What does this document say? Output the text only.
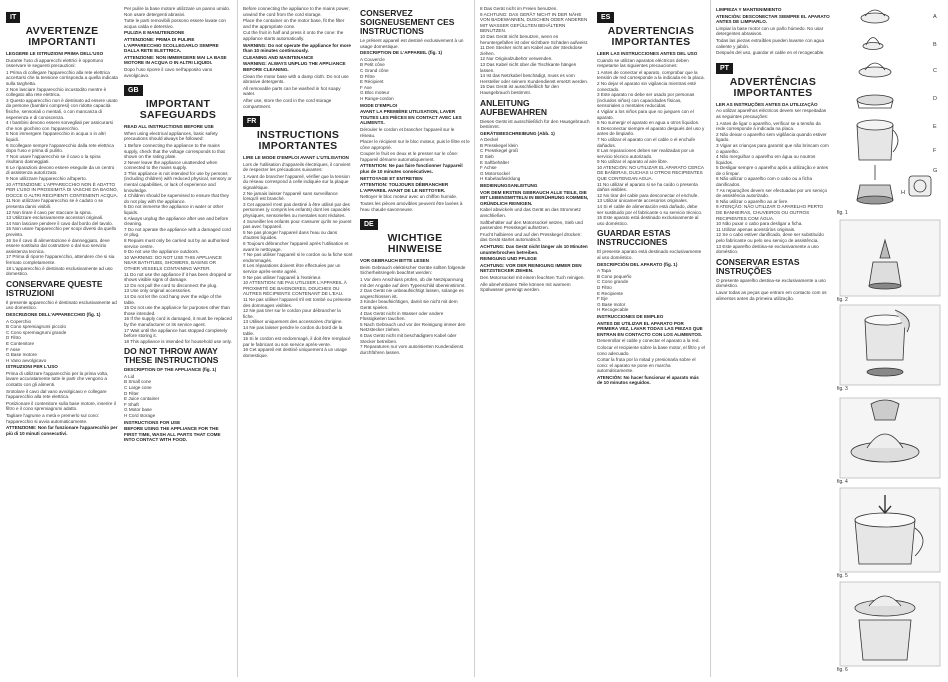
IT
AVVERTENZE IMPORTANTI

LEGGERE LE ISTRUZIONI PRIMA DELL'USO

Durante l'uso di apparecchi elettrici è opportuno osservare le seguenti precauzioni:

1 Prima di collegare l'apparecchio alla rete elettrica accertarsi che la tensione corrisponda a quella indicata sulla targhetta.

2 Non lasciare l'apparecchio incustodito mentre è collegato alla rete elettrica.

3 Questo apparecchio non è destinato ad essere usato da persone (bambini compresi) con ridotte capacità fisiche, sensoriali o mentali, o con mancanza di esperienza e di conoscenza.

4 I bambini devono essere sorvegliati per assicurarsi che non giochino con l'apparecchio.

5 Non immergere l'apparecchio in acqua o in altri liquidi.

6 Scollegare sempre l'apparecchio dalla rete elettrica dopo l'uso e prima di pulirlo.

7 Non usare l'apparecchio se il cavo o la spina risultano danneggiati.

8 Le riparazioni devono essere eseguite da un centro di assistenza autorizzato.

9 Non utilizzare l'apparecchio all'aperto.

10 ATTENZIONE: L'APPARECCHIO NON È ADATTO PER L'USO IN PROSSIMITÀ DI VASCHE DA BAGNO, DOCCE O ALTRI RECIPIENTI CONTENENTI ACQUA.

11 Non utilizzare l'apparecchio se è caduto o se presenta danni visibili.

12 Non tirare il cavo per staccare la spina.

13 Utilizzare esclusivamente accessori originali.

14 Non lasciare pendere il cavo dal bordo del tavolo.

15 Non usare l'apparecchio per scopi diversi da quello previsto.

16 Se il cavo di alimentazione è danneggiato, deve essere sostituito dal costruttore o dal suo servizio assistenza tecnica.

17 Prima di riporre l'apparecchio, attendere che si sia fermato completamente.

18 L'apparecchio è destinato esclusivamente ad uso domestico.

CONSERVARE QUESTE ISTRUZIONI

Il presente apparecchio è destinato esclusivamente ad uso domestico.

DESCRIZIONE DELL'APPARECCHIO (fig. 1)

A Coperchio

B Cono spremiagrumi piccolo

C Cono spremiagrumi grande

D Filtro

E Contenitore

F Asse

G Base motore

H Vano avvolgicavo

ISTRUZIONI PER L'USO

Prima di utilizzare l'apparecchio per la prima volta, lavare accuratamente tutte le parti che vengono a contatto con gli alimenti.

Srotolare il cavo dal vano avvolgicavo e collegare l'apparecchio alla rete elettrica.

Posizionare il contenitore sulla base motore, inserire il filtro e il cono spremiagrumi adatto.

Tagliare l'agrume a metà e premerlo sul cono: l'apparecchio si avvia automaticamente.

ATTENZIONE: Non far funzionare l'apparecchio per più di 10 minuti consecutivi.

Per pulire la base motore utilizzare un panno umido. Non usare detergenti abrasivi.

Tutte le parti removibili possono essere lavate con acqua calda e detersivo.

PULIZIA E MANUTENZIONE

ATTENZIONE: PRIMA DI PULIRE L'APPARECCHIO SCOLLEGARLO SEMPRE DALLA RETE ELETTRICA.

ATTENZIONE: NON IMMERGERE MAI LA BASE MOTORE IN ACQUA O IN ALTRI LIQUIDI.

Dopo l'uso riporre il cavo nell'apposito vano avvolgicavo.

GB
IMPORTANT SAFEGUARDS

READ ALL INSTRUCTIONS BEFORE USE

When using electrical appliances, basic safety precautions should always be followed:

1 Before connecting the appliance to the mains supply, check that the voltage corresponds to that shown on the rating plate.

2 Never leave the appliance unattended when connected to the mains supply.

3 This appliance is not intended for use by persons (including children) with reduced physical, sensory or mental capabilities, or lack of experience and knowledge.

4 Children should be supervised to ensure that they do not play with the appliance.

5 Do not immerse the appliance in water or other liquids.

6 Always unplug the appliance after use and before cleaning.

7 Do not operate the appliance with a damaged cord or plug.

8 Repairs must only be carried out by an authorised service centre.

9 Do not use the appliance outdoors.

10 WARNING: DO NOT USE THIS APPLIANCE NEAR BATHTUBS, SHOWERS, BASINS OR OTHER VESSELS CONTAINING WATER.

11 Do not use the appliance if it has been dropped or shows visible signs of damage.

12 Do not pull the cord to disconnect the plug.

13 Use only original accessories.

14 Do not let the cord hang over the edge of the table.

15 Do not use the appliance for purposes other than those intended.

16 If the supply cord is damaged, it must be replaced by the manufacturer or its service agent.

17 Wait until the appliance has stopped completely before storing it.

18 This appliance is intended for household use only.

DO NOT THROW AWAY THESE INSTRUCTIONS

DESCRIPTION OF THE APPLIANCE (fig. 1)

A Lid

B Small cone

C Large cone

D Filter

E Juice container

F Shaft

G Motor base

H Cord storage

INSTRUCTIONS FOR USE

BEFORE USING THE APPLIANCE FOR THE FIRST TIME, WASH ALL PARTS THAT COME INTO CONTACT WITH FOOD.

Before connecting the appliance to the mains power, unwind the cord from the cord storage.

Place the container on the motor base, fit the filter and the appropriate cone.

Cut the fruit in half and press it onto the cone: the appliance starts automatically.

WARNING: Do not operate the appliance for more than 10 minutes continuously.

CLEANING AND MAINTENANCE

WARNING: ALWAYS UNPLUG THE APPLIANCE BEFORE CLEANING.

Clean the motor base with a damp cloth. Do not use abrasive detergents.

All removable parts can be washed in hot soapy water.

After use, store the cord in the cord storage compartment.

FR
INSTRUCTIONS IMPORTANTES

LIRE LE MODE D'EMPLOI AVANT L'UTILISATION

Lors de l'utilisation d'appareils électriques, il convient de respecter les précautions suivantes:

1 Avant de brancher l'appareil, vérifier que la tension du réseau correspond à celle indiquée sur la plaque signalétique.

2 Ne jamais laisser l'appareil sans surveillance lorsqu'il est branché.

3 Cet appareil n'est pas destiné à être utilisé par des personnes (y compris les enfants) dont les capacités physiques, sensorielles ou mentales sont réduites.

4 Surveiller les enfants pour s'assurer qu'ils ne jouent pas avec l'appareil.

5 Ne pas plonger l'appareil dans l'eau ou dans d'autres liquides.

6 Toujours débrancher l'appareil après l'utilisation et avant le nettoyage.

7 Ne pas utiliser l'appareil si le cordon ou la fiche sont endommagés.

8 Les réparations doivent être effectuées par un service après-vente agréé.

9 Ne pas utiliser l'appareil à l'extérieur.

10 ATTENTION: NE PAS UTILISER L'APPAREIL À PROXIMITÉ DE BAIGNOIRES, DOUCHES OU AUTRES RÉCIPIENTS CONTENANT DE L'EAU.

11 Ne pas utiliser l'appareil s'il est tombé ou présente des dommages visibles.

12 Ne pas tirer sur le cordon pour débrancher la fiche.

13 Utiliser uniquement des accessoires d'origine.

14 Ne pas laisser pendre le cordon du bord de la table.

15 Si le cordon est endommagé, il doit être remplacé par le fabricant ou son service après-vente.

16 Cet appareil est destiné uniquement à un usage domestique.

CONSERVEZ SOIGNEUSEMENT CES INSTRUCTIONS

Le présent appareil est destiné exclusivement à un usage domestique.

DESCRIPTION DE L'APPAREIL (fig. 1)

A Couvercle

B Petit cône

C Grand cône

D Filtre

E Récipient

F Axe

G Bloc moteur

H Range-cordon

MODE D'EMPLOI

AVANT LA PREMIÈRE UTILISATION, LAVER TOUTES LES PIÈCES EN CONTACT AVEC LES ALIMENTS.

Dérouler le cordon et brancher l'appareil sur le réseau.

Placer le récipient sur le bloc moteur, puis le filtre et le cône approprié.

Couper le fruit en deux et le presser sur le cône: l'appareil démarre automatiquement.

ATTENTION: Ne pas faire fonctionner l'appareil plus de 10 minutes consécutives.

NETTOYAGE ET ENTRETIEN

ATTENTION: TOUJOURS DÉBRANCHER L'APPAREIL AVANT DE LE NETTOYER.

Nettoyer le bloc moteur avec un chiffon humide.

Toutes les pièces amovibles peuvent être lavées à l'eau chaude savonneuse.

DE
WICHTIGE HINWEISE

VOR GEBRAUCH BITTE LESEN

Beim Gebrauch elektrischer Geräte sollten folgende Sicherheitsregeln beachtet werden:

1 Vor dem Anschluss prüfen, ob die Netzspannung mit der Angabe auf dem Typenschild übereinstimmt.

2 Das Gerät nie unbeaufsichtigt lassen, solange es angeschlossen ist.

3 Kinder beaufsichtigen, damit sie nicht mit dem Gerät spielen.

4 Das Gerät nicht in Wasser oder andere Flüssigkeiten tauchen.

5 Nach Gebrauch und vor der Reinigung immer den Netzstecker ziehen.

6 Das Gerät nicht mit beschädigtem Kabel oder Stecker betreiben.

7 Reparaturen nur vom autorisierten Kundendienst durchführen lassen.

8 Das Gerät nicht im Freien benutzen.

9 ACHTUNG: DAS GERÄT NICHT IN DER NÄHE VON BADEWANNEN, DUSCHEN ODER ANDEREN MIT WASSER GEFÜLLTEN BEHÄLTERN BENUTZEN.

10 Das Gerät nicht benutzen, wenn es heruntergefallen ist oder sichtbare Schäden aufweist.

11 Den Stecker nicht am Kabel aus der Steckdose ziehen.

12 Nur Originalzubehör verwenden.

13 Das Kabel nicht über die Tischkante hängen lassen.

14 Ist das Netzkabel beschädigt, muss es vom Hersteller oder seinem Kundendienst ersetzt werden.

15 Das Gerät ist ausschließlich für den Hausgebrauch bestimmt.

ANLEITUNG AUFBEWAHREN

Dieses Gerät ist ausschließlich für den Hausgebrauch bestimmt.

GERÄTEBESCHREIBUNG (Abb. 1)

A Deckel

B Presskegel klein

C Presskegel groß

D Sieb

E Saftbehälter

F Achse

G Motorsockel

H Kabelaufwicklung

BEDIENUNGSANLEITUNG

VOR DEM ERSTEN GEBRAUCH ALLE TEILE, DIE MIT LEBENSMITTELN IN BERÜHRUNG KOMMEN, GRÜNDLICH REINIGEN.

Kabel abwickeln und das Gerät an das Stromnetz anschließen.

Saftbehälter auf den Motorsockel setzen, Sieb und passenden Presskegel aufsetzen.

Frucht halbieren und auf den Presskegel drücken: das Gerät startet automatisch.

ACHTUNG: Das Gerät nicht länger als 10 Minuten ununterbrochen betreiben.

REINIGUNG UND PFLEGE

ACHTUNG: VOR DER REINIGUNG IMMER DEN NETZSTECKER ZIEHEN.

Den Motorsockel mit einem feuchten Tuch reinigen.

Alle abnehmbaren Teile können mit warmem Spülwasser gereinigt werden.

ES
ADVERTENCIAS IMPORTANTES

LEER LAS INSTRUCCIONES ANTES DEL USO

Cuando se utilizan aparatos eléctricos deben respetarse las siguientes precauciones:

1 Antes de conectar el aparato, comprobar que la tensión de red corresponde a la indicada en la placa.

2 No dejar el aparato sin vigilancia mientras esté conectado.

3 Este aparato no debe ser usado por personas (incluidos niños) con capacidades físicas, sensoriales o mentales reducidas.

4 Vigilar a los niños para que no jueguen con el aparato.

5 No sumergir el aparato en agua u otros líquidos.

6 Desconectar siempre el aparato después del uso y antes de limpiarlo.

7 No utilizar el aparato con el cable o el enchufe dañados.

8 Las reparaciones deben ser realizadas por un servicio técnico autorizado.

9 No utilizar el aparato al aire libre.

10 ATENCIÓN: NO UTILIZAR EL APARATO CERCA DE BAÑERAS, DUCHAS U OTROS RECIPIENTES QUE CONTENGAN AGUA.

11 No utilizar el aparato si se ha caído o presenta daños visibles.

12 No tirar del cable para desconectar el enchufe.

13 Utilizar únicamente accesorios originales.

14 Si el cable de alimentación está dañado, debe ser sustituido por el fabricante o su servicio técnico.

15 Este aparato está destinado exclusivamente al uso doméstico.

GUARDAR ESTAS INSTRUCCIONES

El presente aparato está destinado exclusivamente al uso doméstico.

DESCRIPCIÓN DEL APARATO (fig. 1)

A Tapa

B Cono pequeño

C Cono grande

D Filtro

E Recipiente

F Eje

G Base motor

H Recogecable

INSTRUCCIONES DE EMPLEO

ANTES DE UTILIZAR EL APARATO POR PRIMERA VEZ, LAVAR TODAS LAS PIEZAS QUE ENTRAN EN CONTACTO CON LOS ALIMENTOS.

Desenrollar el cable y conectar el aparato a la red.

Colocar el recipiente sobre la base motor, el filtro y el cono adecuado.

Cortar la fruta por la mitad y presionarla sobre el cono: el aparato se pone en marcha automáticamente.

ATENCIÓN: No hacer funcionar el aparato más de 10 minutos seguidos.

LIMPIEZA Y MANTENIMIENTO

ATENCIÓN: DESCONECTAR SIEMPRE EL APARATO ANTES DE LIMPIARLO.

Limpiar la base motor con un paño húmedo. No usar detergentes abrasivos.

Todas las piezas extraíbles pueden lavarse con agua caliente y jabón.

Después del uso, guardar el cable en el recogecable.

PT
ADVERTÊNCIAS IMPORTANTES

LER AS INSTRUÇÕES ANTES DA UTILIZAÇÃO

Ao utilizar aparelhos eléctricos devem ser respeitadas as seguintes precauções:

1 Antes de ligar o aparelho, verificar se a tensão da rede corresponde à indicada na placa.

2 Não deixar o aparelho sem vigilância quando estiver ligado.

3 Vigiar as crianças para garantir que não brincam com o aparelho.

4 Não mergulhar o aparelho em água ou noutros líquidos.

5 Desligar sempre o aparelho após a utilização e antes de o limpar.

6 Não utilizar o aparelho com o cabo ou a ficha danificados.

7 As reparações devem ser efectuadas por um serviço de assistência autorizado.

8 Não utilizar o aparelho ao ar livre.

9 ATENÇÃO: NÃO UTILIZAR O APARELHO PERTO DE BANHEIRAS, CHUVEIROS OU OUTROS RECIPIENTES COM ÁGUA.

10 Não puxar o cabo para desligar a ficha.

11 Utilizar apenas acessórios originais.

12 Se o cabo estiver danificado, deve ser substituído pelo fabricante ou pelo seu serviço de assistência.

13 Este aparelho destina-se exclusivamente a uso doméstico.

CONSERVAR ESTAS INSTRUÇÕES

O presente aparelho destina-se exclusivamente a uso doméstico.

Lavar todas as peças que entram em contacto com os alimentos antes da primeira utilização.

A
B
C
D
E
F
G
H
fig. 1
fig. 2
fig. 3
fig. 4
fig. 5
fig. 6
